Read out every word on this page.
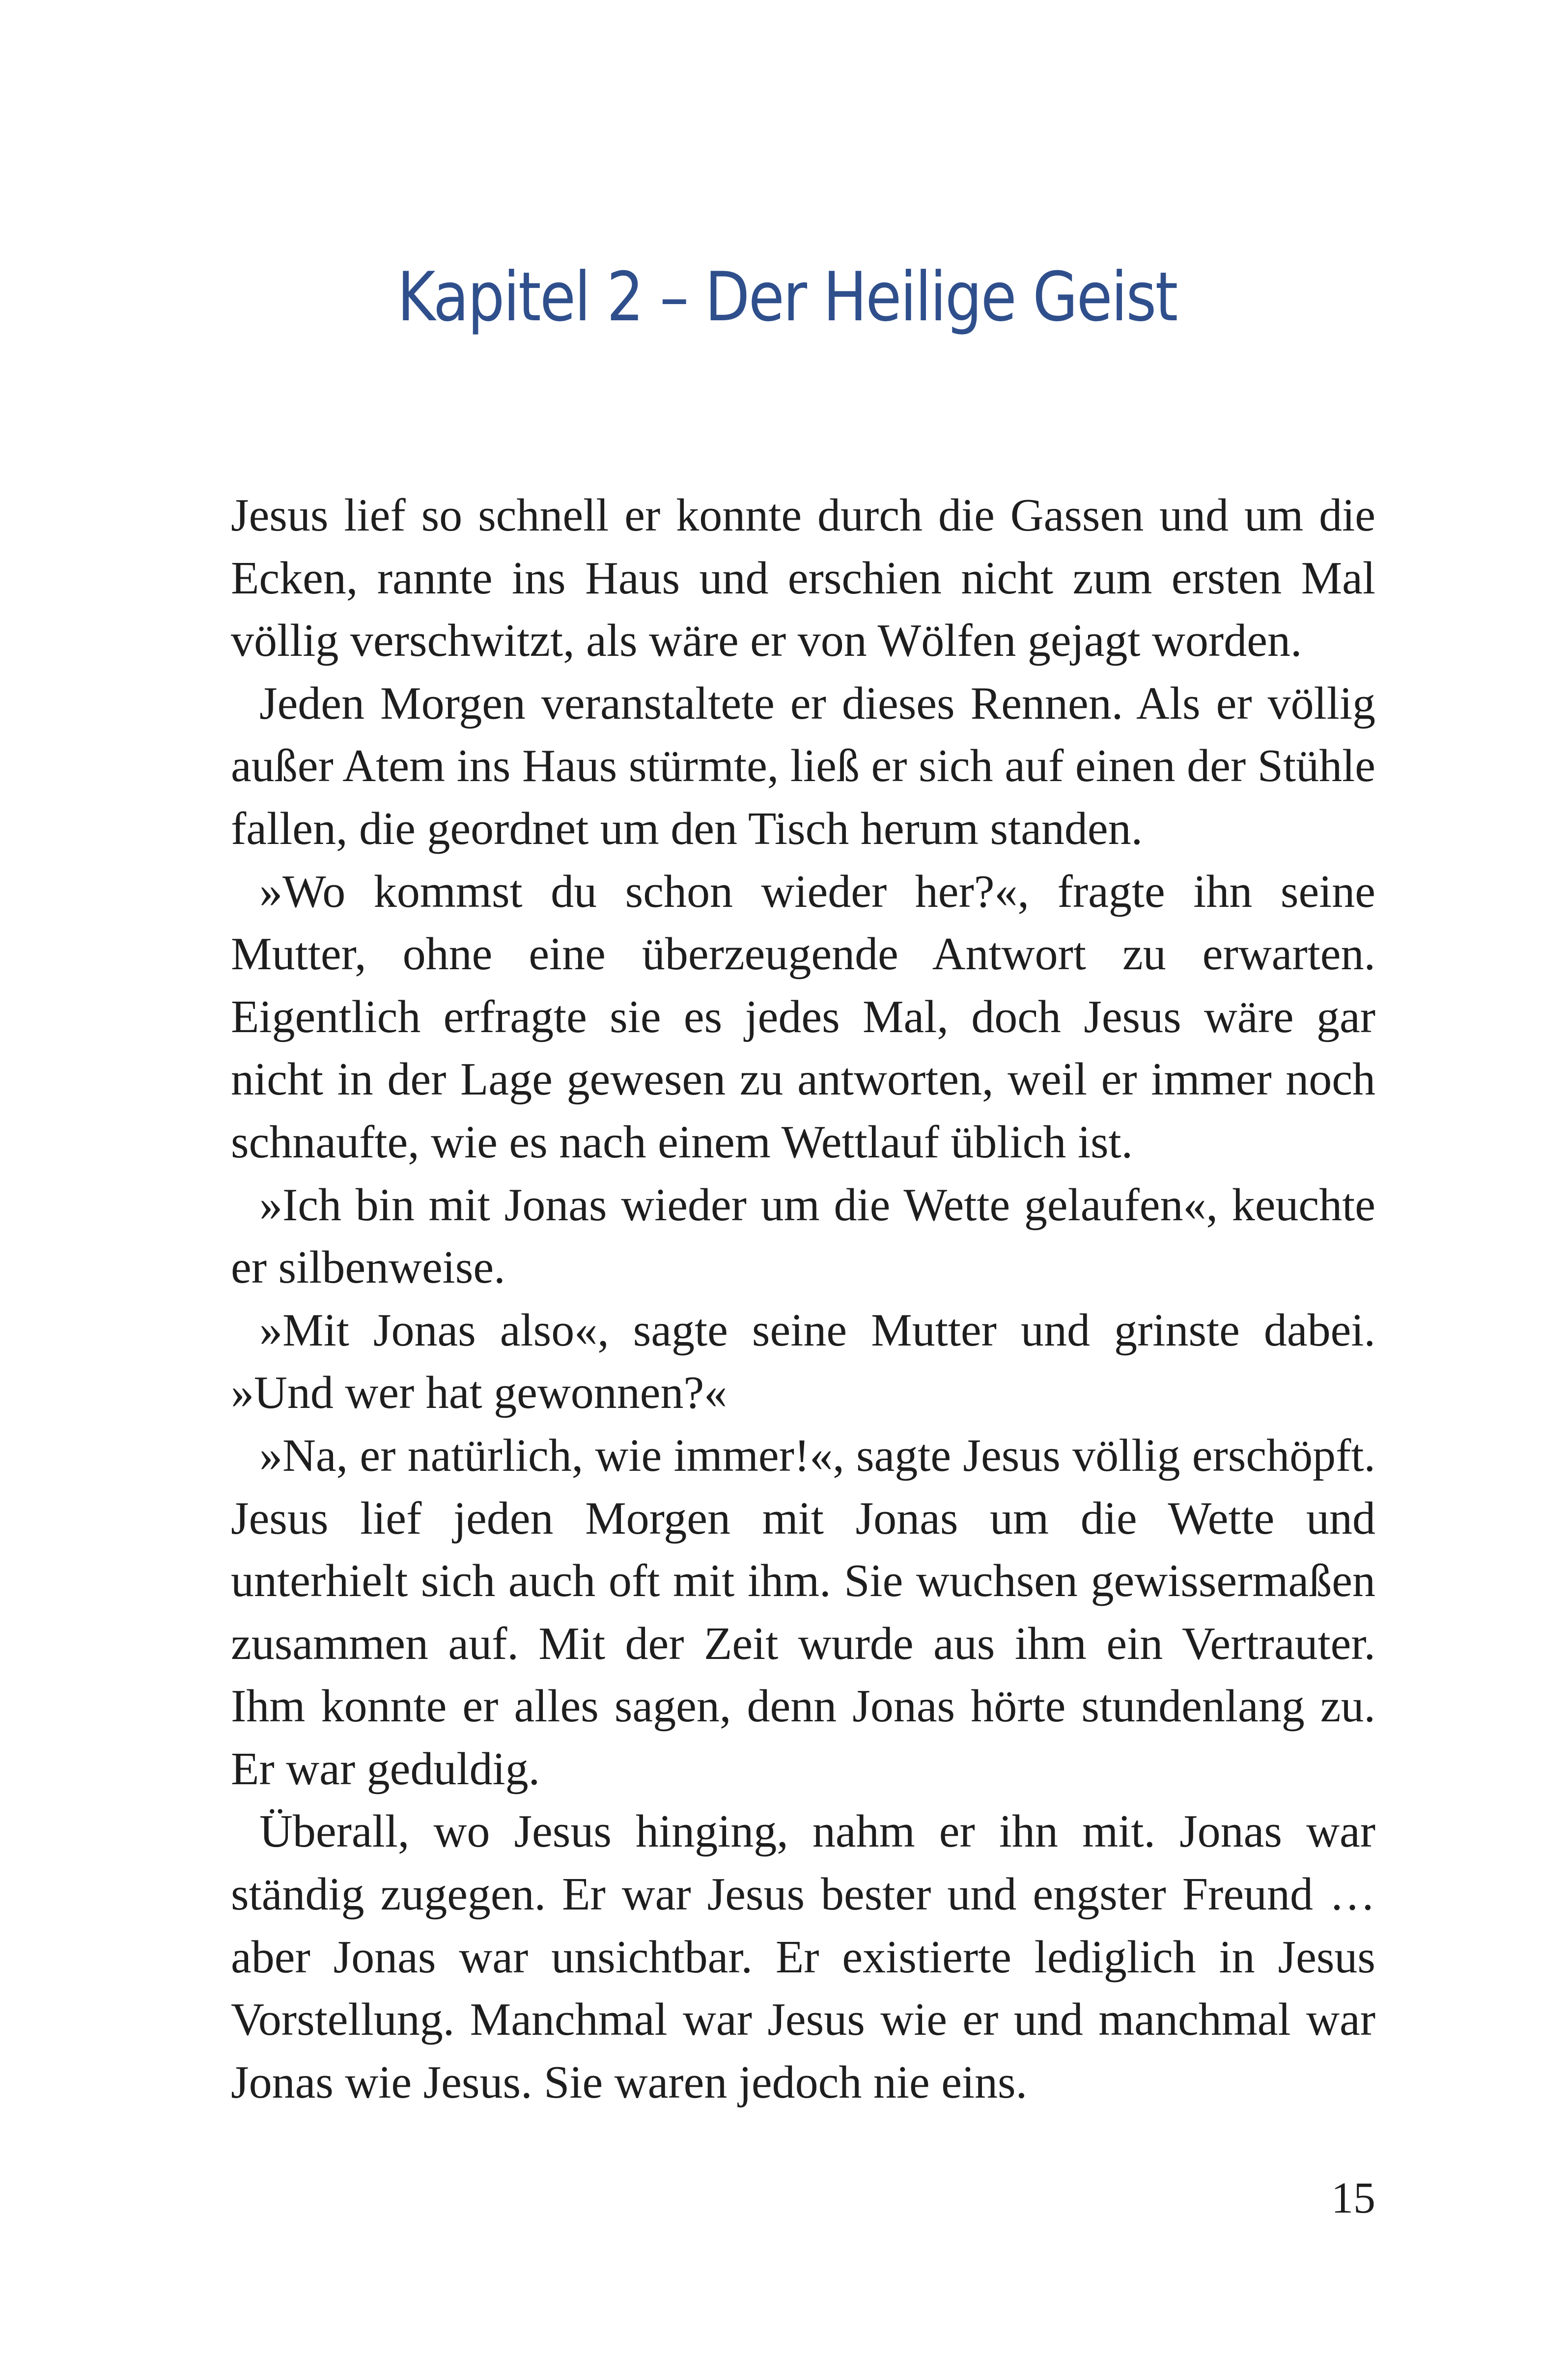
Kapitel 2 – Der Heilige Geist

Jesus lief so schnell er konnte durch die Gassen und um die Ecken, rannte ins Haus und erschien nicht zum ersten Mal völlig verschwitzt, als wäre er von Wölfen gejagt worden.

Jeden Morgen veranstaltete er dieses Rennen. Als er völlig außer Atem ins Haus stürmte, ließ er sich auf einen der Stühle fallen, die geordnet um den Tisch herum standen.

»Wo kommst du schon wieder her?«, fragte ihn seine Mutter, ohne eine überzeugende Antwort zu erwarten. Eigentlich erfragte sie es jedes Mal, doch Jesus wäre gar nicht in der Lage gewesen zu antworten, weil er immer noch schnaufte, wie es nach einem Wettlauf üblich ist.

»Ich bin mit Jonas wieder um die Wette gelaufen«, keuchte er silbenweise.

»Mit Jonas also«, sagte seine Mutter und grinste dabei. »Und wer hat gewonnen?«

»Na, er natürlich, wie immer!«, sagte Jesus völlig erschöpft. Jesus lief jeden Morgen mit Jonas um die Wette und unterhielt sich auch oft mit ihm. Sie wuchsen gewissermaßen zusammen auf. Mit der Zeit wurde aus ihm ein Vertrauter. Ihm konnte er alles sagen, denn Jonas hörte stundenlang zu. Er war geduldig.

Überall, wo Jesus hinging, nahm er ihn mit. Jonas war ständig zugegen. Er war Jesus bester und engster Freund … aber Jonas war unsichtbar. Er existierte lediglich in Jesus Vorstellung. Manchmal war Jesus wie er und manchmal war Jonas wie Jesus. Sie waren jedoch nie eins.

15
